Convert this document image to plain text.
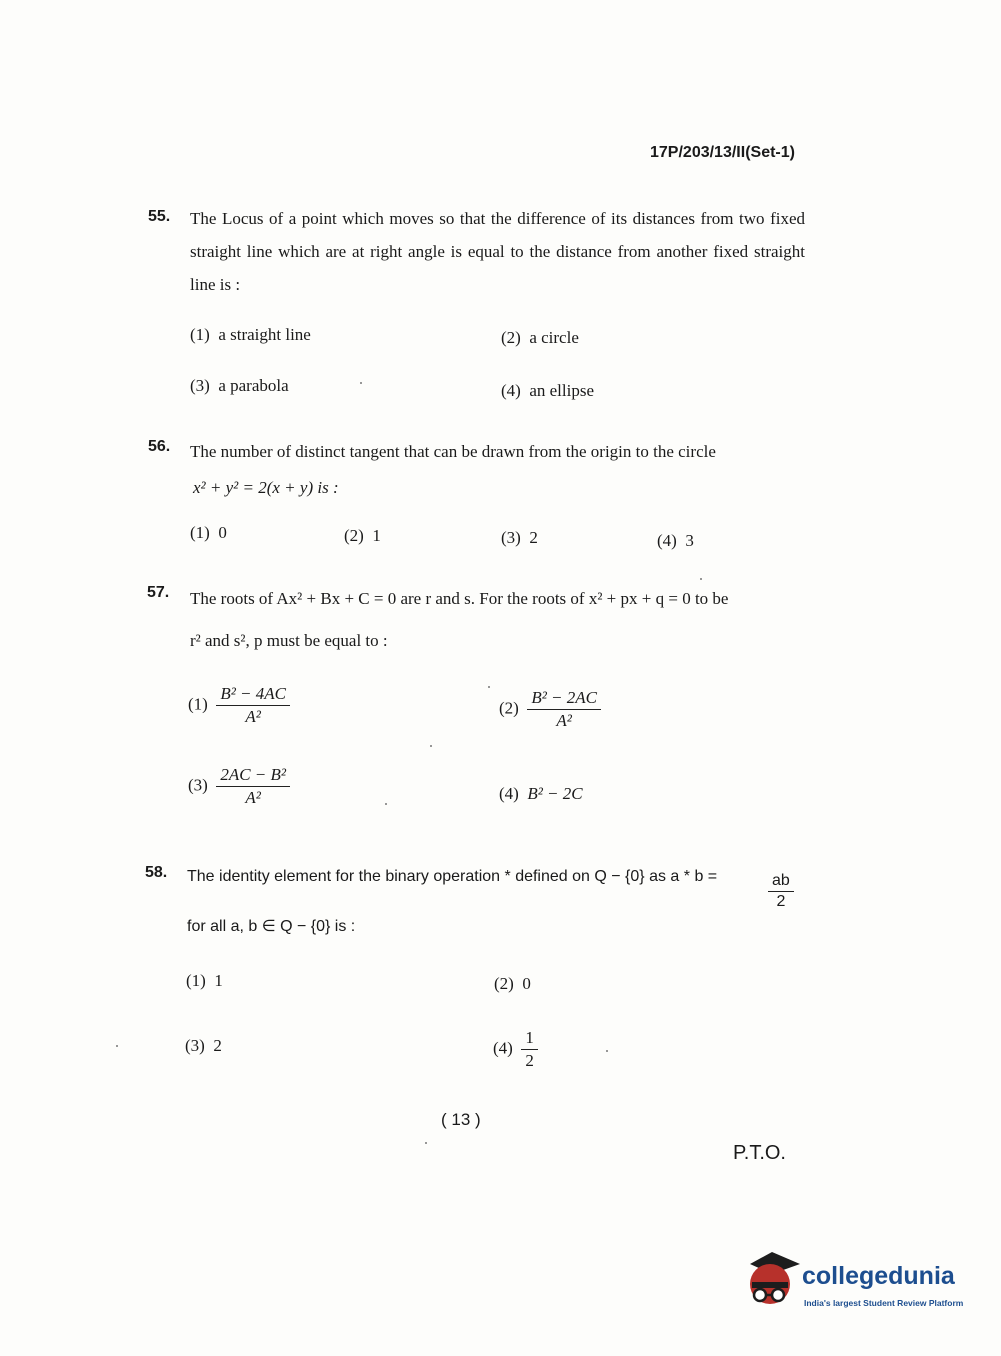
17P/203/13/II(Set-1)
55. The Locus of a point which moves so that the difference of its distances from two fixed straight line which are at right angle is equal to the distance from another fixed straight line is :
(1) a straight line	(2) a circle
(3) a parabola	(4) an ellipse
56. The number of distinct tangent that can be drawn from the origin to the circle
x² + y² = 2(x + y) is :
(1) 0	(2) 1	(3) 2	(4) 3
57. The roots of Ax² + Bx + C = 0 are r and s. For the roots of x² + px + q = 0 to be
r² and s², p must be equal to :
$(1) \frac{\text{B² − 4AC}}{\text{A²}}$	$(2) \frac{\text{B² − 2AC}}{\text{A²}}$
$(3) \frac{\text{2AC − B²}}{\text{A²}}$	(4) B² − 2C
58. The identity element for the binary operation * defined on Q − {0} as a * b =	$\frac{ab}{2}$
for all a, b ∈ Q − {0} is :
(1) 1	(2) 0
(3) 2	$(4) \frac{1}{2}$
( 13 )
P.T.O.
collegedunia
India's largest Student Review Platform
